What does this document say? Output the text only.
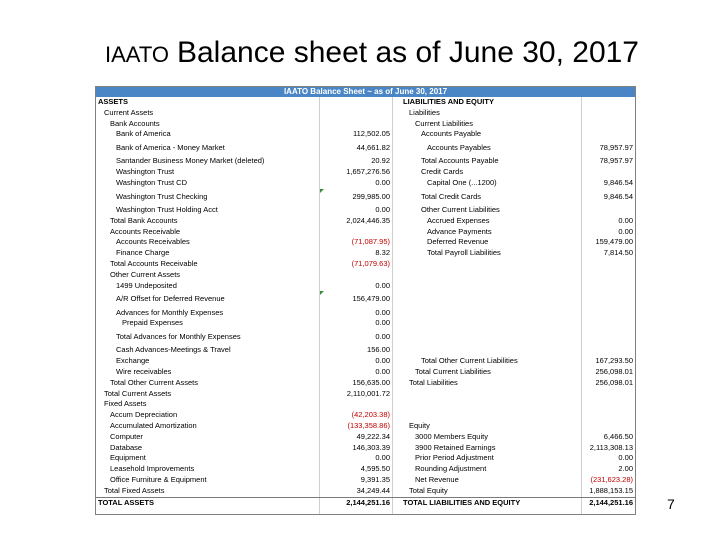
IAATO Balance sheet as of June 30, 2017
IAATO Balance Sheet ~ as of June 30, 2017
ASSETS	LIABILITIES AND EQUITY
Current Assets	Liabilities
Bank Accounts	Current Liabilities
Bank of America	112,502.05	Accounts Payable
Bank of America - Money Market	44,661.82	Accounts Payables	78,957.97
Santander Business Money Market (deleted)	20.92	Total Accounts Payable	78,957.97
Washington Trust	1,657,276.56	Credit Cards
Washington Trust CD	0.00	Capital One (...1200)	9,846.54
Washington Trust Checking	299,985.00	Total Credit Cards	9,846.54
Washington Trust Holding Acct	0.00	Other Current Liabilities
Total Bank Accounts	2,024,446.35	Accrued Expenses	0.00
Accounts Receivable	Advance Payments	0.00
Accounts Receivables	(71,087.95)	Deferred Revenue	159,479.00
Finance Charge	8.32	Total Payroll Liabilities	7,814.50
Total Accounts Receivable	(71,079.63)
Other Current Assets
1499 Undeposited	0.00
A/R Offset for Deferred Revenue	156,479.00
Advances for Monthly Expenses	0.00
Prepaid Expenses	0.00
Total Advances for Monthly Expenses	0.00
Cash Advances-Meetings & Travel	156.00
Exchange	0.00	Total Other Current Liabilities	167,293.50
Wire receivables	0.00	Total Current Liabilities	256,098.01
Total Other Current Assets	156,635.00	Total Liabilities	256,098.01
Total Current Assets	2,110,001.72
Fixed Assets
Accum Depreciation	(42,203.38)
Accumulated Amortization	(133,358.86)	Equity
Computer	49,222.34	3000 Members Equity	6,466.50
Database	146,303.39	3900 Retained Earnings	2,113,308.13
Equipment	0.00	Prior Period Adjustment	0.00
Leasehold Improvements	4,595.50	Rounding Adjustment	2.00
Office Furniture & Equipment	9,391.35	Net Revenue	(231,623.28)
Total Fixed Assets	34,249.44	Total Equity	1,888,153.15
TOTAL ASSETS	2,144,251.16 TOTAL LIABILITIES AND EQUITY	2,144,251.16 7
